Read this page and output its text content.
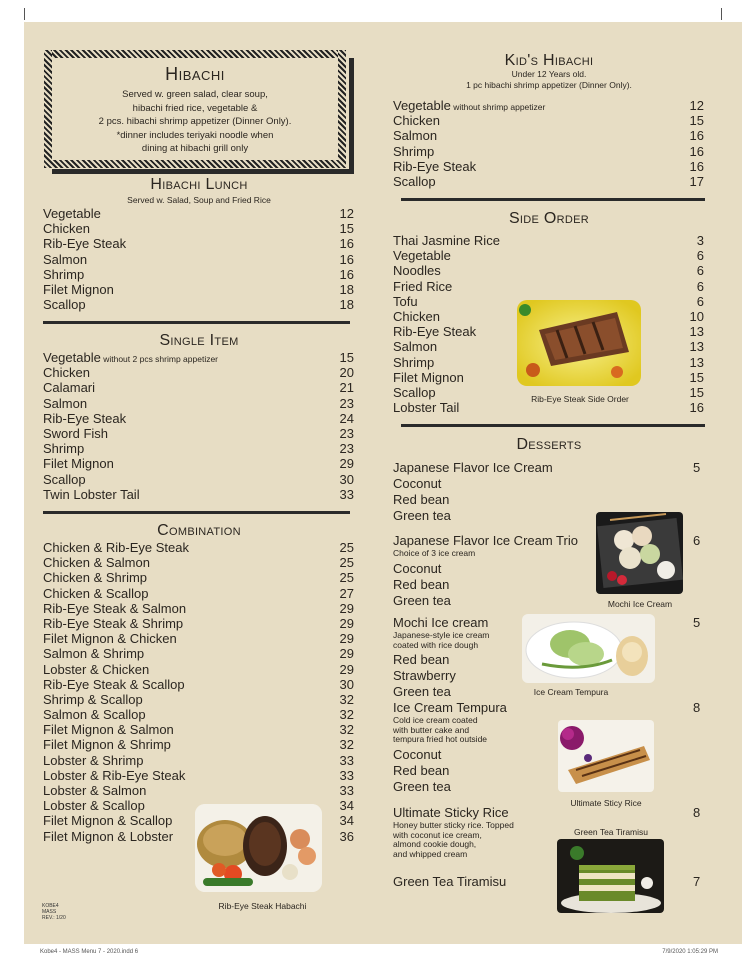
Hibachi
Served w. green salad, clear soup,
hibachi fried rice, vegetable &
2 pcs. hibachi shrimp appetizer (Dinner Only).
*dinner includes teriyaki noodle when
dining at hibachi grill only
Hibachi Lunch
Served w. Salad, Soup and Fried Rice
Vegetable	12
Chicken	15
Rib-Eye Steak	16
Salmon	16
Shrimp	16
Filet Mignon	18
Scallop	18
Single Item
Vegetable without 2 pcs shrimp appetizer	15
Chicken	20
Calamari	21
Salmon	23
Rib-Eye Steak	24
Sword Fish	23
Shrimp	23
Filet Mignon	29
Scallop	30
Twin Lobster Tail	33
Combination
Chicken & Rib-Eye Steak	25
Chicken & Salmon	25
Chicken & Shrimp	25
Chicken & Scallop	27
Rib-Eye Steak & Salmon	29
Rib-Eye Steak & Shrimp	29
Filet Mignon & Chicken	29
Salmon & Shrimp	29
Lobster & Chicken	29
Rib-Eye Steak & Scallop	30
Shrimp & Scallop	32
Salmon & Scallop	32
Filet Mignon & Salmon	32
Filet Mignon & Shrimp	32
Lobster & Shrimp	33
Lobster & Rib-Eye Steak	33
Lobster & Salmon	33
Lobster & Scallop	34
Filet Mignon & Scallop	34
Filet Mignon & Lobster	36
Rib-Eye Steak Habachi
KOBE4
MASS
REV.: 1/20
Kid's Hibachi
Under 12 Years old.
1 pc hibachi shrimp appetizer (Dinner Only).
Vegetable without shrimp appetizer	12
Chicken	15
Salmon	16
Shrimp	16
Rib-Eye Steak	16
Scallop	17
Side Order
Thai Jasmine Rice	3
Vegetable	6
Noodles	6
Fried Rice	6
Tofu	6
Chicken	10
Rib-Eye Steak	13
Salmon	13
Shrimp	13
Filet Mignon	15
Scallop	15
Lobster Tail	16
Rib-Eye Steak Side Order
Desserts
Japanese Flavor Ice Cream	5
Coconut
Red bean
Green tea
Japanese Flavor Ice Cream Trio	6
Choice of 3 ice cream
Coconut
Red bean
Green tea	Mochi Ice Cream
Mochi Ice cream	5
Japanese-style ice cream
coated with rice dough
Red bean
Strawberry
Green tea	Ice Cream Tempura
Ice Cream Tempura	8
Cold ice cream coated
with butter cake and
tempura fried hot outside
Coconut
Red bean
Green tea
Ultimate Sticy Rice
Ultimate Sticky Rice	8
Honey butter sticky rice. Topped
with coconut ice cream,
almond cookie dough,
and whipped cream
Green Tea Tiramisu
Green Tea Tiramisu	7
Kobe4 - MASS Menu 7 - 2020.indd 6	7/9/2020 1:05:29 PM
